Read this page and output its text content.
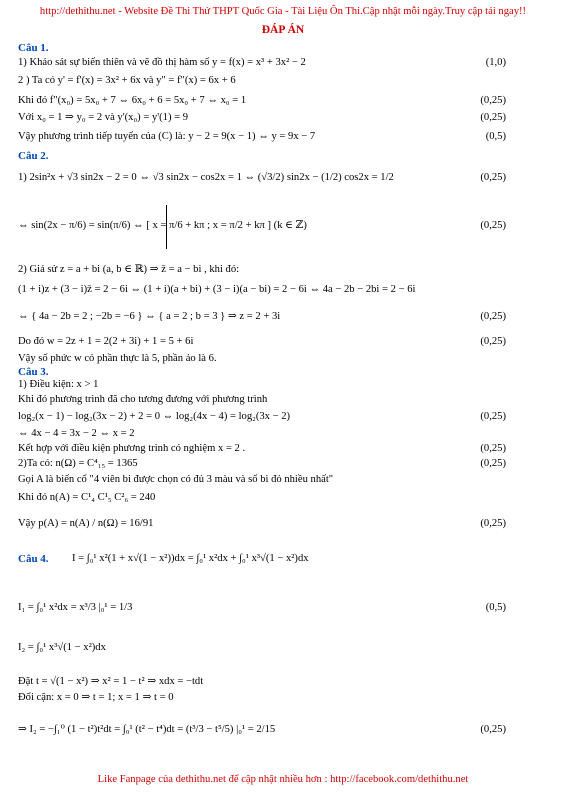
http://dethithu.net - Website Đề Thi Thử THPT Quốc Gia - Tài Liệu Ôn Thi.Cập nhật mỗi ngày.Truy cập tải ngay!!
ĐÁP ÁN
Câu 1.
1) Khảo sát sự biến thiên và vẽ đồ thị hàm số y = f(x) = x³ + 3x² − 2	(1,0)
2 ) Ta có y' = f'(x) = 3x² + 6x và y" = f"(x) = 6x + 6
Khi đó f"(x₀) = 5x₀ + 7 ⇔ 6x₀ + 6 = 5x₀ + 7 ⇔ x₀ = 1	(0,25)
Với x₀ = 1 ⇒ y₀ = 2 và y'(x₀) = y'(1) = 9	(0,25)
Vậy phương trình tiếp tuyến của (C) là: y − 2 = 9(x − 1) ⇔ y = 9x − 7	(0,5)
Câu 2.
1) 2sin²x + √3 sin2x − 2 = 0 ⇔ √3 sin2x − cos2x = 1 ⇔ (√3/2) sin2x − (1/2) cos2x = 1/2	(0,25)
⇔ sin(2x − π/6) = sin(π/6) ⇔ [ x = π/6 + kπ ; x = π/2 + kπ ] (k ∈ ℤ)	(0,25)
2) Giả sử z = a + bi (a, b ∈ ℝ) ⇒ z̄ = a − bi , khi đó:
(1 + i)z + (3 − i)z̄ = 2 − 6i ⇔ (1 + i)(a + bi) + (3 − i)(a − bi) = 2 − 6i ⇔ 4a − 2b − 2bi = 2 − 6i
⇔ { 4a − 2b = 2 ; −2b = −6 } ⇔ { a = 2 ; b = 3 } ⇒ z = 2 + 3i	(0,25)
Do đó w = 2z + 1 = 2(2 + 3i) + 1 = 5 + 6i	(0,25)
Vậy số phức w có phần thực là 5, phần ảo là 6.
Câu 3.
1) Điều kiện: x > 1
Khi đó phương trình đã cho tương đương với phương trình
log₂(x − 1) − log₂(3x − 2) + 2 = 0 ⇔ log₂(4x − 4) = log₂(3x − 2)	(0,25)
⇔ 4x − 4 = 3x − 2 ⇔ x = 2
Kết hợp với điều kiện phương trình có nghiệm x = 2 .	(0,25)
2)Ta có: n(Ω) = C⁴₁₅ = 1365	(0,25)
Gọi A là biến cố "4 viên bi được chọn có đủ 3 màu và số bi đỏ nhiều nhất"
Khi đó n(A) = C¹₄ C¹₅ C²₆ = 240
Vậy p(A) = n(A) / n(Ω) = 16/91	(0,25)
Câu 4. I = ∫₀¹ x²(1 + x√(1 − x²))dx = ∫₀¹ x²dx + ∫₀¹ x³√(1 − x²)dx
I₁ = ∫₀¹ x²dx = x³/3 |₀¹ = 1/3	(0,5)
I₂ = ∫₀¹ x³√(1 − x²)dx
Đặt t = √(1 − x²) ⇒ x² = 1 − t² ⇒ xdx = −tdt
Đổi cận: x = 0 ⇒ t = 1; x = 1 ⇒ t = 0
⇒ I₂ = −∫₁⁰ (1 − t²)t²dt = ∫₀¹ (t² − t⁴)dt = (t³/3 − t⁵/5) |₀¹ = 2/15	(0,25)
Like Fanpage của dethithu.net để cập nhật nhiều hơn : http://facebook.com/dethithu.net
